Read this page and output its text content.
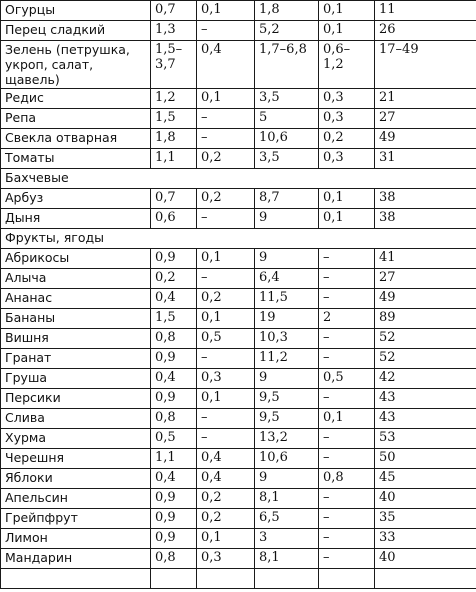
Огурцы	0,7	0,1	1,8	0,1	11
Перец сладкий	1,3	–	5,2	0,1	26
Зелень (петрушка, укроп, салат, щавель)	1,5–3,7	0,4	1,7–6,8	0,6–1,2	17–49
Редис	1,2	0,1	3,5	0,3	21
Репа	1,5	–	5	0,3	27
Свекла отварная	1,8	–	10,6	0,2	49
Томаты	1,1	0,2	3,5	0,3	31
Бахчевые					
Арбуз	0,7	0,2	8,7	0,1	38
Дыня	0,6	–	9	0,1	38
Фрукты, ягоды					
Абрикосы	0,9	0,1	9	–	41
Алыча	0,2	–	6,4	–	27
Ананас	0,4	0,2	11,5	–	49
Бананы	1,5	0,1	19	2	89
Вишня	0,8	0,5	10,3	–	52
Гранат	0,9	–	11,2	–	52
Груша	0,4	0,3	9	0,5	42
Персики	0,9	0,1	9,5	–	43
Слива	0,8	–	9,5	0,1	43
Хурма	0,5	–	13,2	–	53
Черешня	1,1	0,4	10,6	–	50
Яблоки	0,4	0,4	9	0,8	45
Апельсин	0,9	0,2	8,1	–	40
Грейпфрут	0,9	0,2	6,5	–	35
Лимон	0,9	0,1	3	–	33
Мандарин	0,8	0,3	8,1	–	40
